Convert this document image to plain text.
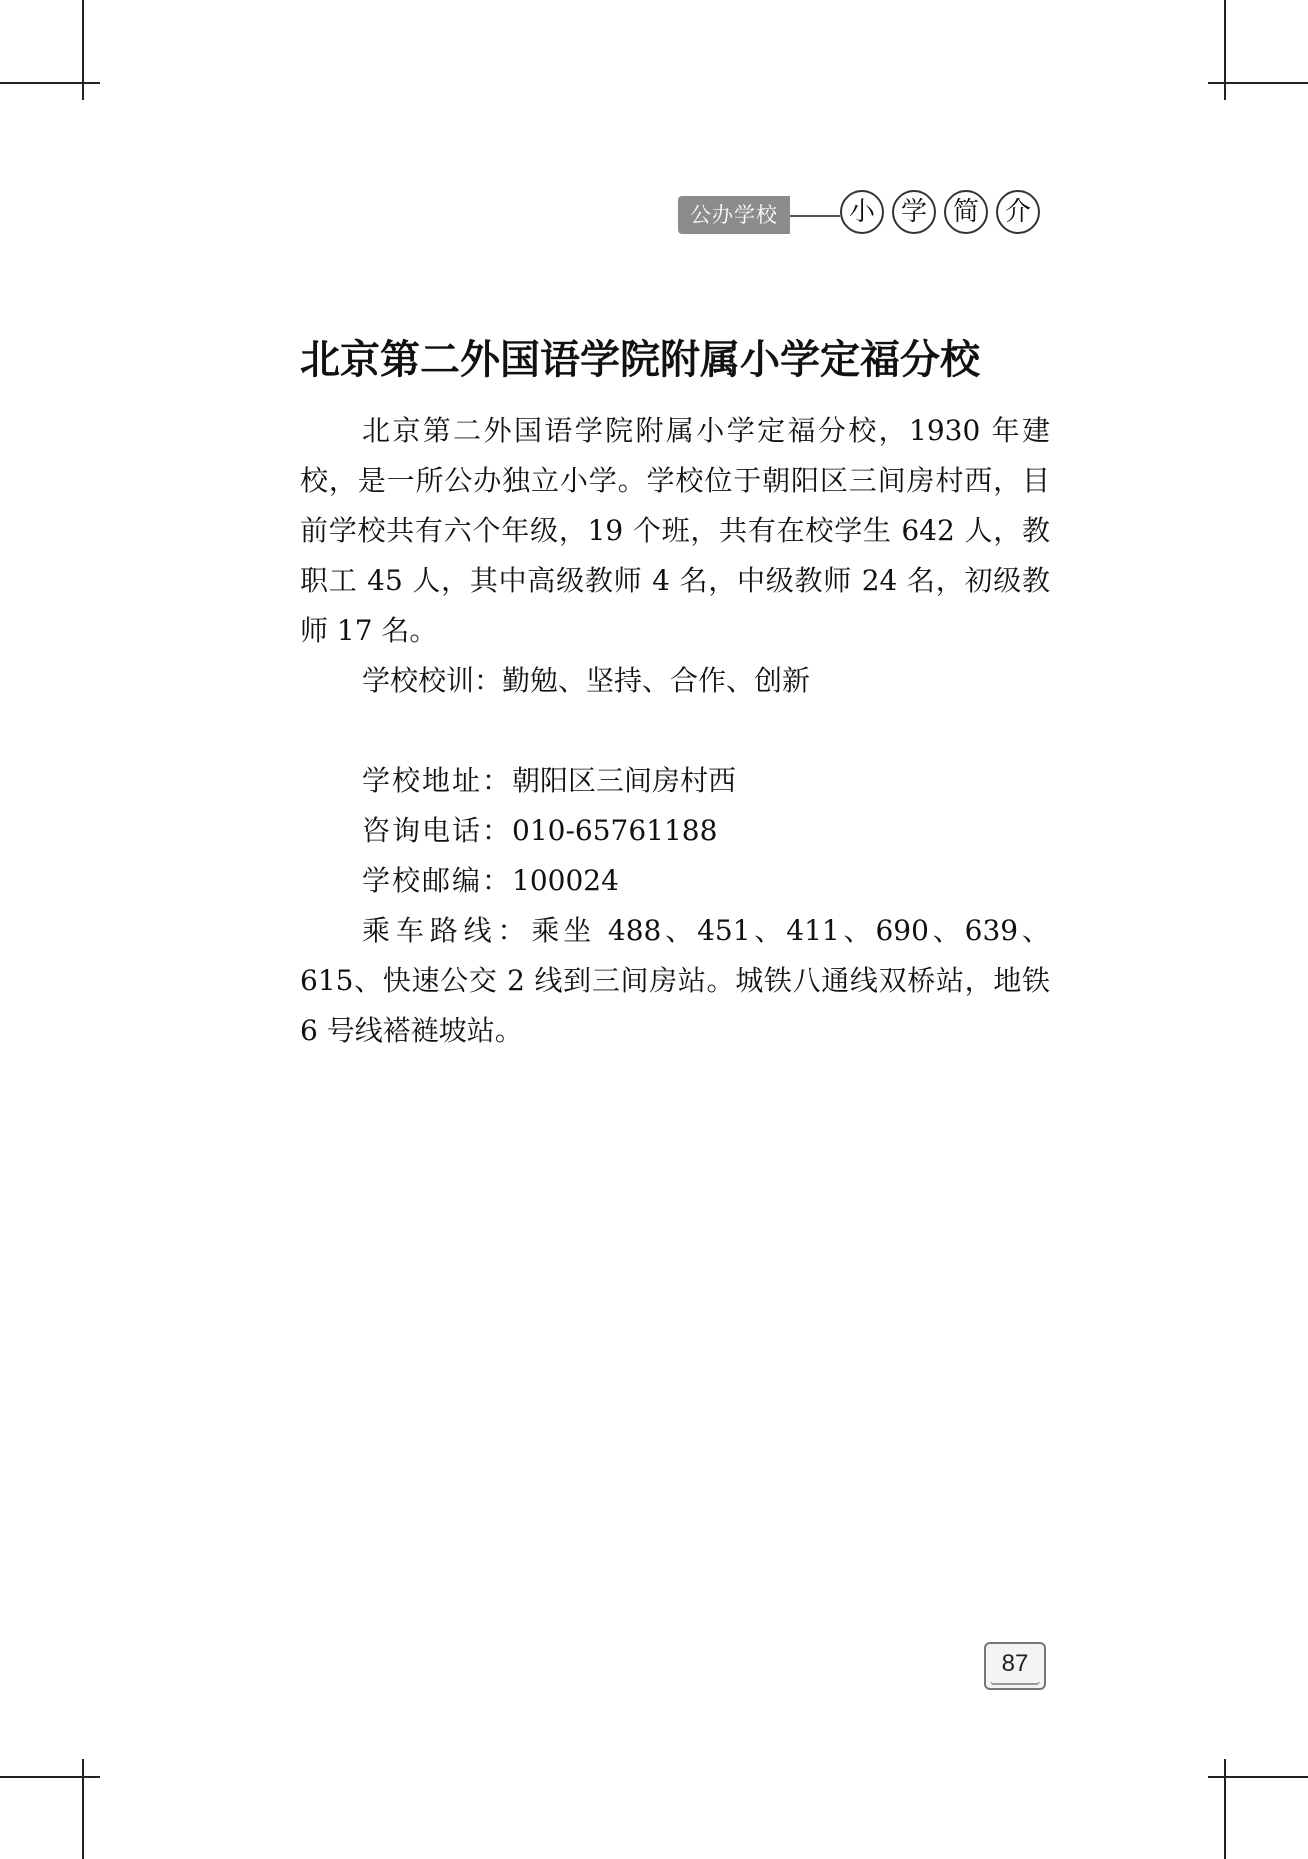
公办学校	小 学 简 介
北京第二外国语学院附属小学定福分校

北京第二外国语学院附属小学定福分校，1930 年建校，是一所公办独立小学。学校位于朝阳区三间房村西，目前学校共有六个年级，19 个班，共有在校学生 642 人，教职工 45 人，其中高级教师 4 名，中级教师 24 名，初级教师 17 名。

学校校训：勤勉、坚持、合作、创新

学校地址：朝阳区三间房村西

咨询电话：010-65761188

学校邮编：100024

乘车路线：乘坐 488、451、411、690、639、615、快速公交 2 线到三间房站。城铁八通线双桥站，地铁 6 号线褡裢坡站。

87
